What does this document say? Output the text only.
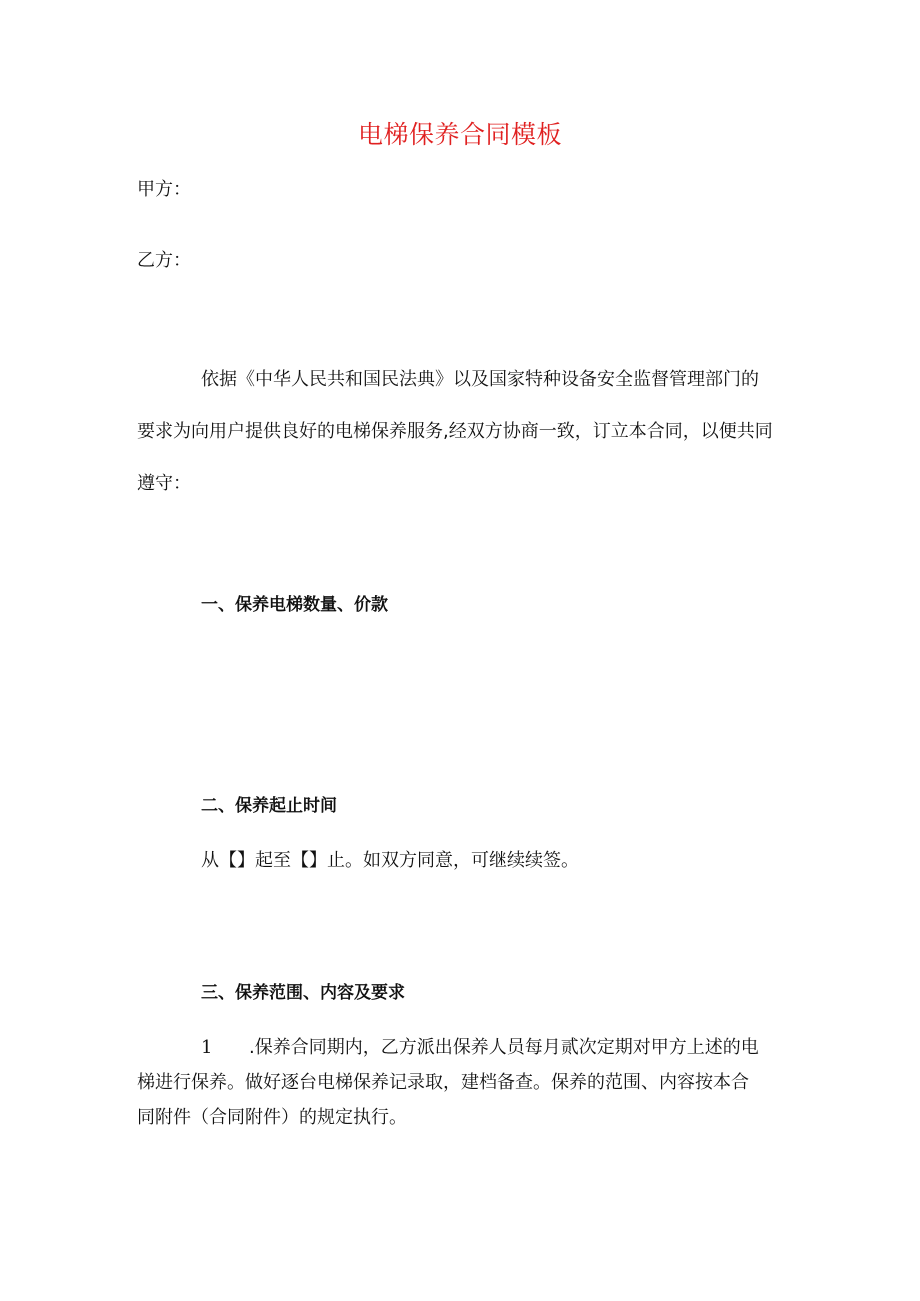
电梯保养合同模板
甲方：
乙方：
依据《中华人民共和国民法典》以及国家特种设备安全监督管理部门的
要求为向用户提供良好的电梯保养服务,经双方协商一致，订立本合同，以便共同
遵守：
一、保养电梯数量、价款
二、保养起止时间
从【】起至【】止。如双方同意，可继续续签。
三、保养范围、内容及要求
1 .保养合同期内，乙方派出保养人员每月贰次定期对甲方上述的电
梯进行保养。做好逐台电梯保养记录取，建档备查。保养的范围、内容按本合
同附件（合同附件）的规定执行。
